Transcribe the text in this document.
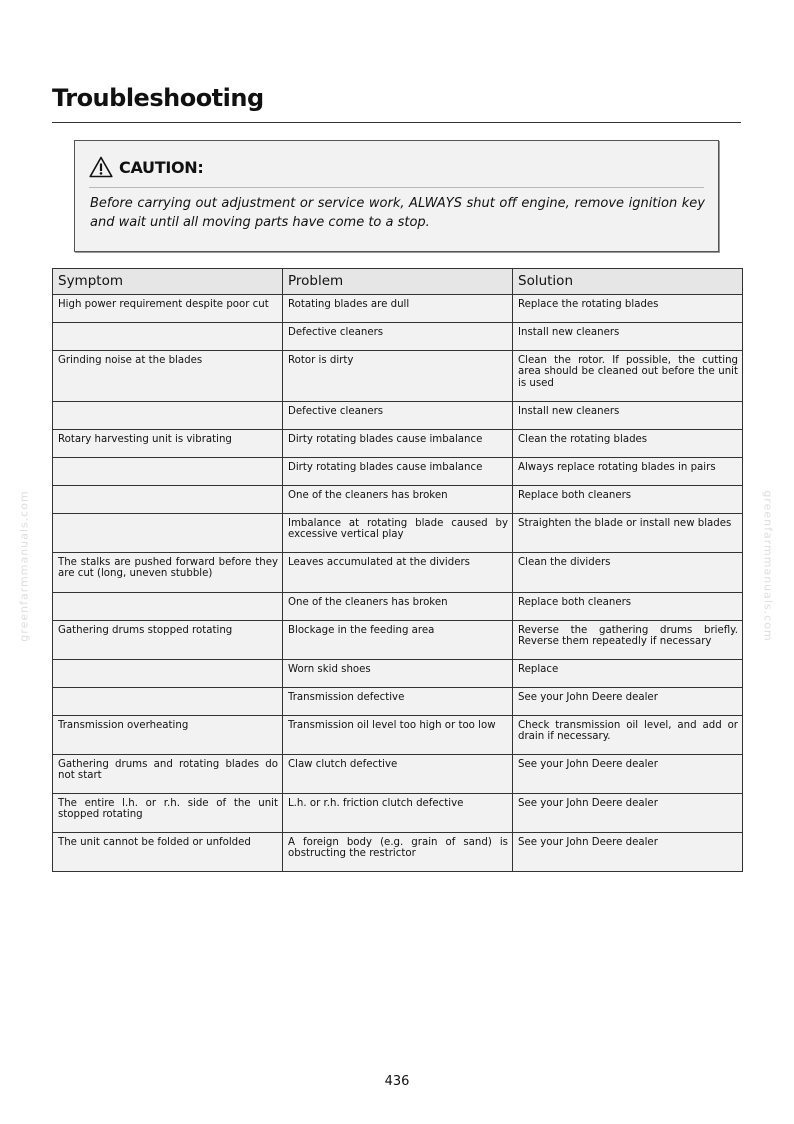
Troubleshooting
CAUTION:

Before carrying out adjustment or service work, ALWAYS shut off engine, remove ignition key and wait until all moving parts have come to a stop.

Symptom	Problem	Solution
High power requirement despite poor cut	Rotating blades are dull	Replace the rotating blades
	Defective cleaners	Install new cleaners
Grinding noise at the blades	Rotor is dirty	Clean the rotor. If possible, the cutting area should be cleaned out before the unit is used
	Defective cleaners	Install new cleaners
Rotary harvesting unit is vibrating	Dirty rotating blades cause imbalance	Clean the rotating blades
	Dirty rotating blades cause imbalance	Always replace rotating blades in pairs
	One of the cleaners has broken	Replace both cleaners
	Imbalance at rotating blade caused by excessive vertical play	Straighten the blade or install new blades
The stalks are pushed forward before they are cut (long, uneven stubble)	Leaves accumulated at the dividers	Clean the dividers
	One of the cleaners has broken	Replace both cleaners
Gathering drums stopped rotating	Blockage in the feeding area	Reverse the gathering drums briefly. Reverse them repeatedly if necessary
	Worn skid shoes	Replace
	Transmission defective	See your John Deere dealer
Transmission overheating	Transmission oil level too high or too low	Check transmission oil level, and add or drain if necessary.
Gathering drums and rotating blades do not start	Claw clutch defective	See your John Deere dealer
The entire l.h. or r.h. side of the unit stopped rotating	L.h. or r.h. friction clutch defective	See your John Deere dealer
The unit cannot be folded or unfolded	A foreign body (e.g. grain of sand) is obstructing the restrictor	See your John Deere dealer
436
greenfarmmanuals.com	greenfarmmanuals.com
